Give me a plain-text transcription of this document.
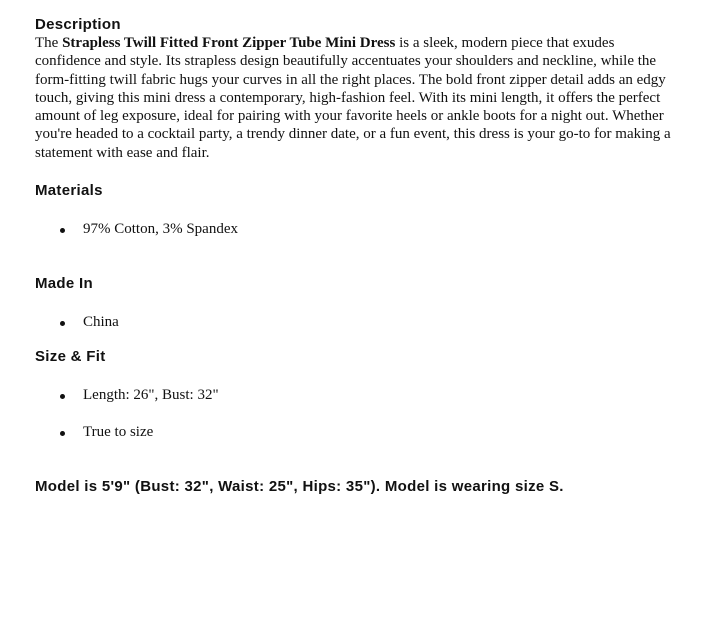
Description

The Strapless Twill Fitted Front Zipper Tube Mini Dress is a sleek, modern piece that exudes confidence and style. Its strapless design beautifully accentuates your shoulders and neckline, while the form-fitting twill fabric hugs your curves in all the right places. The bold front zipper detail adds an edgy touch, giving this mini dress a contemporary, high-fashion feel. With its mini length, it offers the perfect amount of leg exposure, ideal for pairing with your favorite heels or ankle boots for a night out. Whether you're headed to a cocktail party, a trendy dinner date, or a fun event, this dress is your go-to for making a statement with ease and flair.

Materials
97% Cotton, 3% Spandex
Made In
China
Size & Fit
Length: 26", Bust: 32"
True to size

Model is 5'9" (Bust: 32", Waist: 25", Hips: 35"). Model is wearing size S.
